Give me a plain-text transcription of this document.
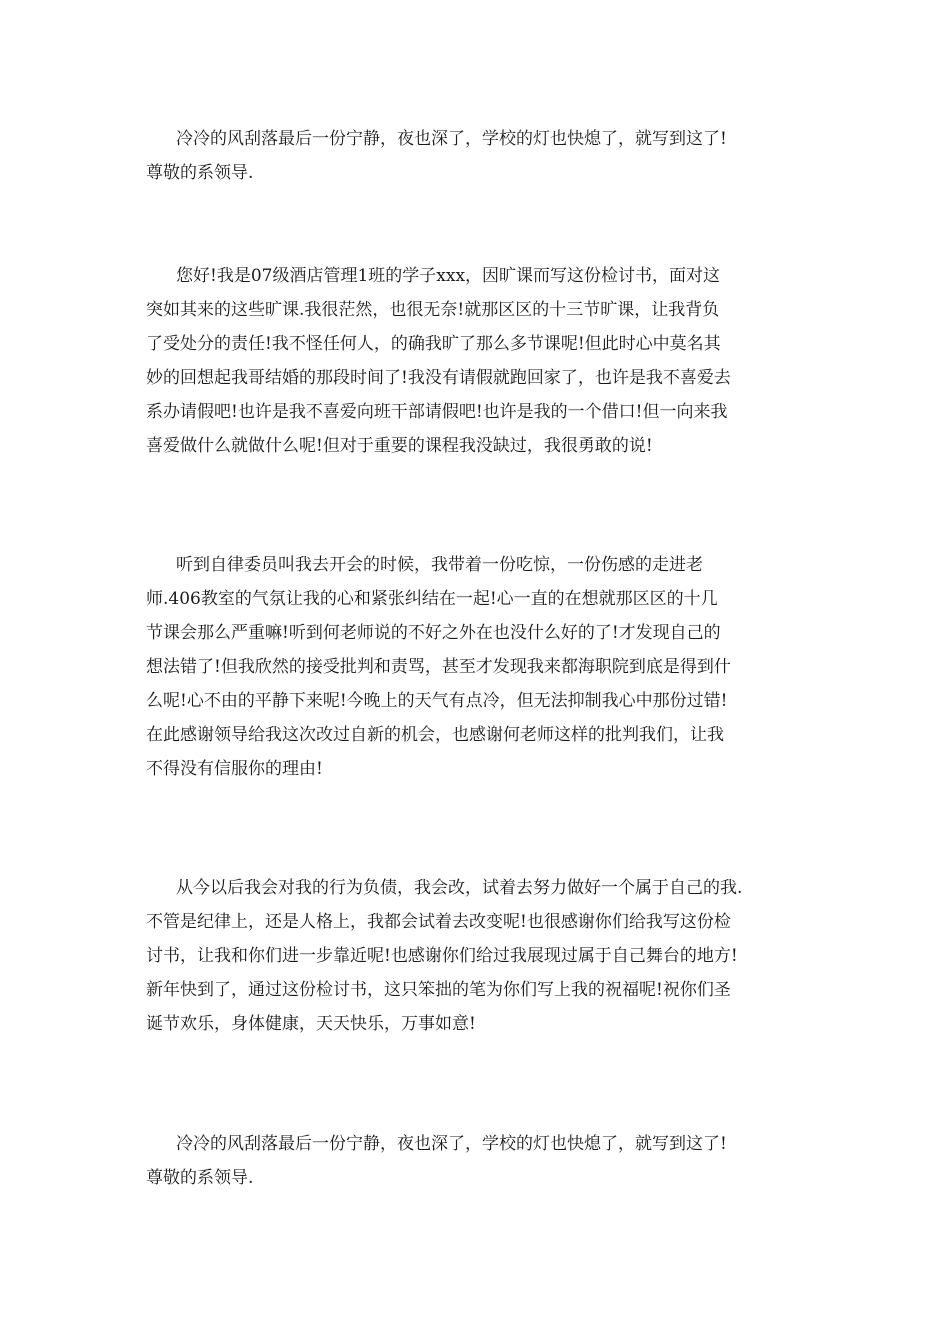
冷冷的风刮落最后一份宁静，夜也深了，学校的灯也快熄了，就写到这了!
尊敬的系领导.

您好!我是07级酒店管理1班的学子xxx，因旷课而写这份检讨书，面对这
突如其来的这些旷课.我很茫然，也很无奈!就那区区的十三节旷课，让我背负
了受处分的责任!我不怪任何人，的确我旷了那么多节课呢!但此时心中莫名其
妙的回想起我哥结婚的那段时间了!我没有请假就跑回家了，也许是我不喜爱去
系办请假吧!也许是我不喜爱向班干部请假吧!也许是我的一个借口!但一向来我
喜爱做什么就做什么呢!但对于重要的课程我没缺过，我很勇敢的说!

听到自律委员叫我去开会的时候，我带着一份吃惊，一份伤感的走进老
师.406教室的气氛让我的心和紧张纠结在一起!心一直的在想就那区区的十几
节课会那么严重嘛!听到何老师说的不好之外在也没什么好的了!才发现自己的
想法错了!但我欣然的接受批判和责骂，甚至才发现我来都海职院到底是得到什
么呢!心不由的平静下来呢!今晚上的天气有点冷，但无法抑制我心中那份过错!
在此感谢领导给我这次改过自新的机会，也感谢何老师这样的批判我们，让我
不得没有信服你的理由!

从今以后我会对我的行为负债，我会改，试着去努力做好一个属于自己的我.
不管是纪律上，还是人格上，我都会试着去改变呢!也很感谢你们给我写这份检
讨书，让我和你们进一步靠近呢!也感谢你们给过我展现过属于自己舞台的地方!
新年快到了，通过这份检讨书，这只笨拙的笔为你们写上我的祝福呢!祝你们圣
诞节欢乐，身体健康，天天快乐，万事如意!

冷冷的风刮落最后一份宁静，夜也深了，学校的灯也快熄了，就写到这了!
尊敬的系领导.
